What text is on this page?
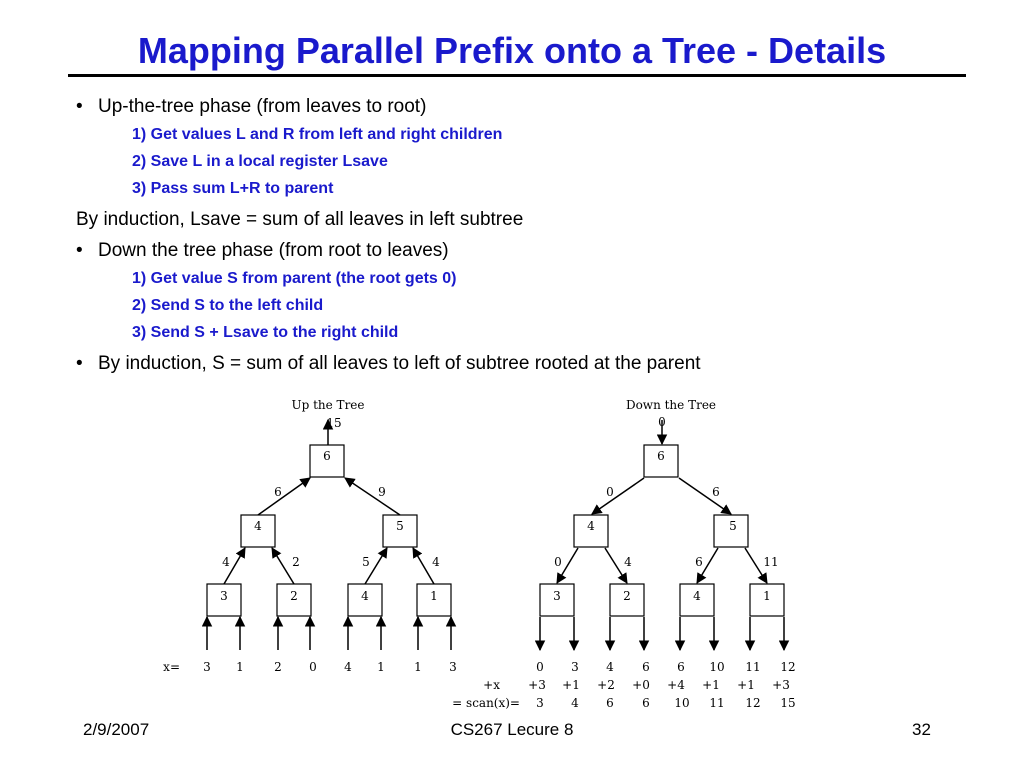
Mapping Parallel Prefix onto a Tree - Details
• Up-the-tree phase (from leaves to root)
1) Get values L and R from left and right children
2) Save L in a local register Lsave
3) Pass sum L+R to parent
By induction, Lsave = sum of all leaves in left subtree
• Down the tree phase (from root to leaves)
1) Get value S from parent (the root gets 0)
2) Send S to the left child
3) Send S + Lsave to the right child
• By induction, S = sum of all leaves to left of subtree rooted at the parent
Up the Tree
15
6
4	5
6	9
3	2	4	1
4	2	5	4
x= 3 1	2 0 4 1 1 3
Down the Tree
0
6
4	5
0	6
3	2	4	1
0	4	6	11
0 3 4 6 6 10 11 12
+x +3 +1 +2 +0 +4 +1 +1 +3
= scan(x)= 3 4 6 6 10 11 12 15
2/9/2007	CS267 Lecure 8	32
